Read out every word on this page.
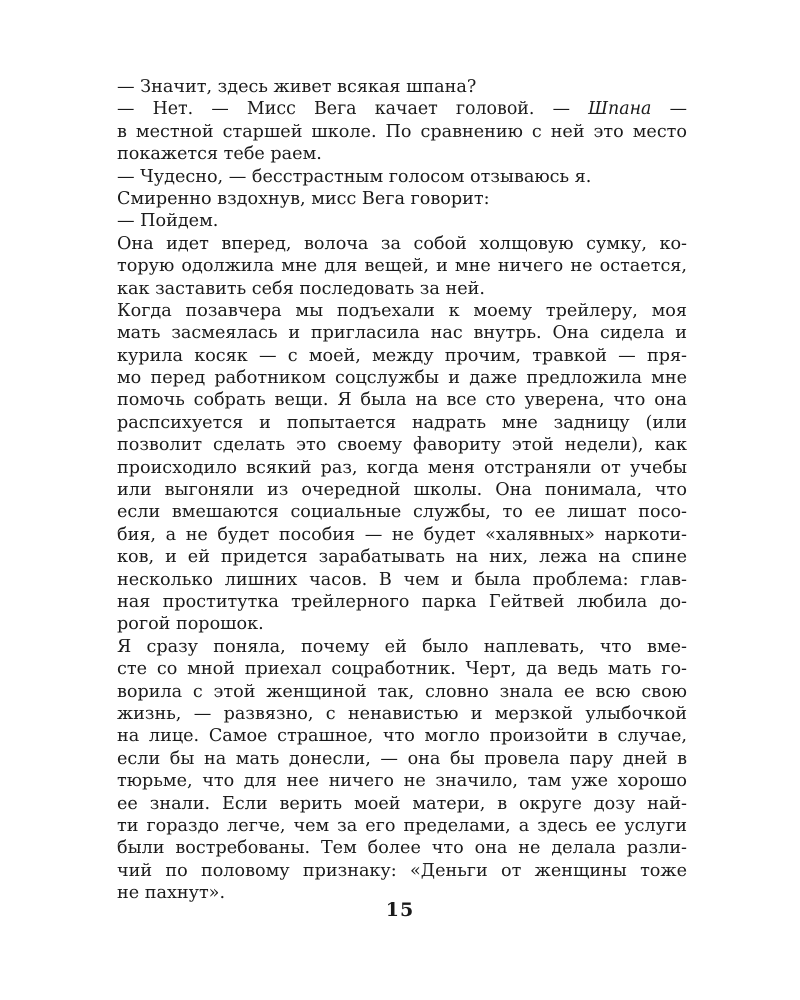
— Значит, здесь живет всякая шпана?
— Нет. — Мисс Вега качает головой. — Шпана —
в местной старшей школе. По сравнению с ней это место
покажется тебе раем.
— Чудесно, — бесстрастным голосом отзываюсь я.
Смиренно вздохнув, мисс Вега говорит:
— Пойдем.
Она идет вперед, волоча за собой холщовую сумку, ко-
торую одолжила мне для вещей, и мне ничего не остается,
как заставить себя последовать за ней.
Когда позавчера мы подъехали к моему трейлеру, моя
мать засмеялась и пригласила нас внутрь. Она сидела и
курила косяк — с моей, между прочим, травкой — пря-
мо перед работником соцслужбы и даже предложила мне
помочь собрать вещи. Я была на все сто уверена, что она
распсихуется и попытается надрать мне задницу (или
позволит сделать это своему фавориту этой недели), как
происходило всякий раз, когда меня отстраняли от учебы
или выгоняли из очередной школы. Она понимала, что
если вмешаются социальные службы, то ее лишат посо-
бия, а не будет пособия — не будет «халявных» наркоти-
ков, и ей придется зарабатывать на них, лежа на спине
несколько лишних часов. В чем и была проблема: глав-
ная проститутка трейлерного парка Гейтвей любила до-
рогой порошок.
Я сразу поняла, почему ей было наплевать, что вме-
сте со мной приехал соцработник. Черт, да ведь мать го-
ворила с этой женщиной так, словно знала ее всю свою
жизнь, — развязно, с ненавистью и мерзкой улыбочкой
на лице. Самое страшное, что могло произойти в случае,
если бы на мать донесли, — она бы провела пару дней в
тюрьме, что для нее ничего не значило, там уже хорошо
ее знали. Если верить моей матери, в округе дозу най-
ти гораздо легче, чем за его пределами, а здесь ее услуги
были востребованы. Тем более что она не делала разли-
чий по половому признаку: «Деньги от женщины тоже
не пахнут».
15
